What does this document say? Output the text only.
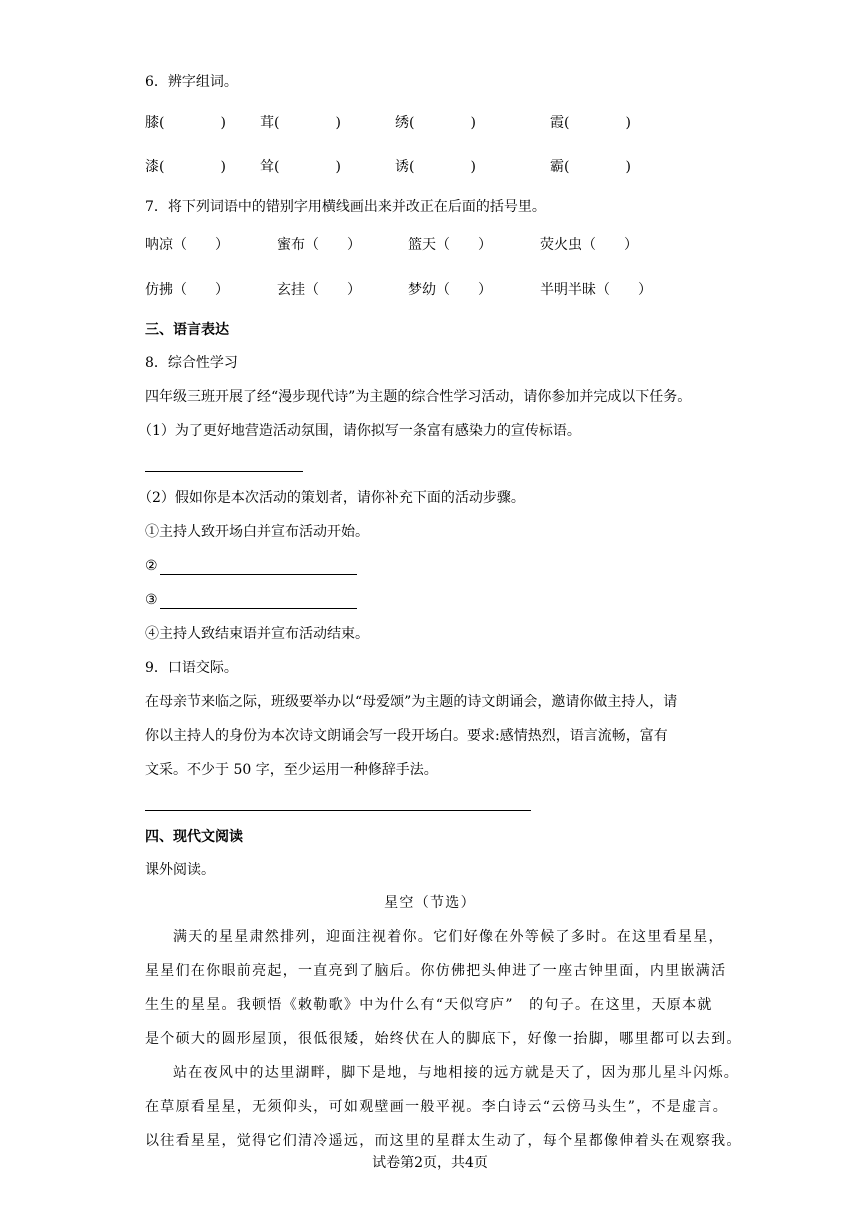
6．辨字组词。
膝(　　　　) 茸(　　　　)	绣(　　　　)	霞(　　　　)
漆(　　　　) 耸(　　　　)	诱(　　　　)	霸(　　　　)
7．将下列词语中的错别字用横线画出来并改正在后面的括号里。
呐凉（　　）	蜜布（　　）	篮天（　　）	荧火虫（　　）
仿拂（　　）	玄挂（　　）	梦幼（　　）	半明半昧（　　）
三、语言表达
8．综合性学习
四年级三班开展了经“漫步现代诗”为主题的综合性学习活动，请你参加并完成以下任务。
（1）为了更好地营造活动氛围，请你拟写一条富有感染力的宣传标语。
（2）假如你是本次活动的策划者，请你补充下面的活动步骤。
①主持人致开场白并宣布活动开始。
②
③
④主持人致结束语并宣布活动结束。
9．口语交际。
在母亲节来临之际，班级要举办以“母爱颂”为主题的诗文朗诵会，邀请你做主持人，请
你以主持人的身份为本次诗文朗诵会写一段开场白。要求:感情热烈，语言流畅，富有
文采。不少于 50 字，至少运用一种修辞手法。
四、现代文阅读
课外阅读。
星空（节选）
满天的星星肃然排列，迎面注视着你。它们好像在外等候了多时。在这里看星星，
星星们在你眼前亮起，一直亮到了脑后。你仿佛把头伸进了一座古钟里面，内里嵌满活
生生的星星。我顿悟《敕勒歌》中为什么有“天似穹庐”　的句子。在这里，天原本就
是个硕大的圆形屋顶，很低很矮，始终伏在人的脚底下，好像一抬脚，哪里都可以去到。
站在夜风中的达里湖畔，脚下是地，与地相接的远方就是天了，因为那儿星斗闪烁。
在草原看星星，无须仰头，可如观壁画一般平视。李白诗云“云傍马头生”，不是虚言。
以往看星星，觉得它们清冷遥远，而这里的星群太生动了，每个星都像伸着头在观察我。
试卷第2页，共4页
